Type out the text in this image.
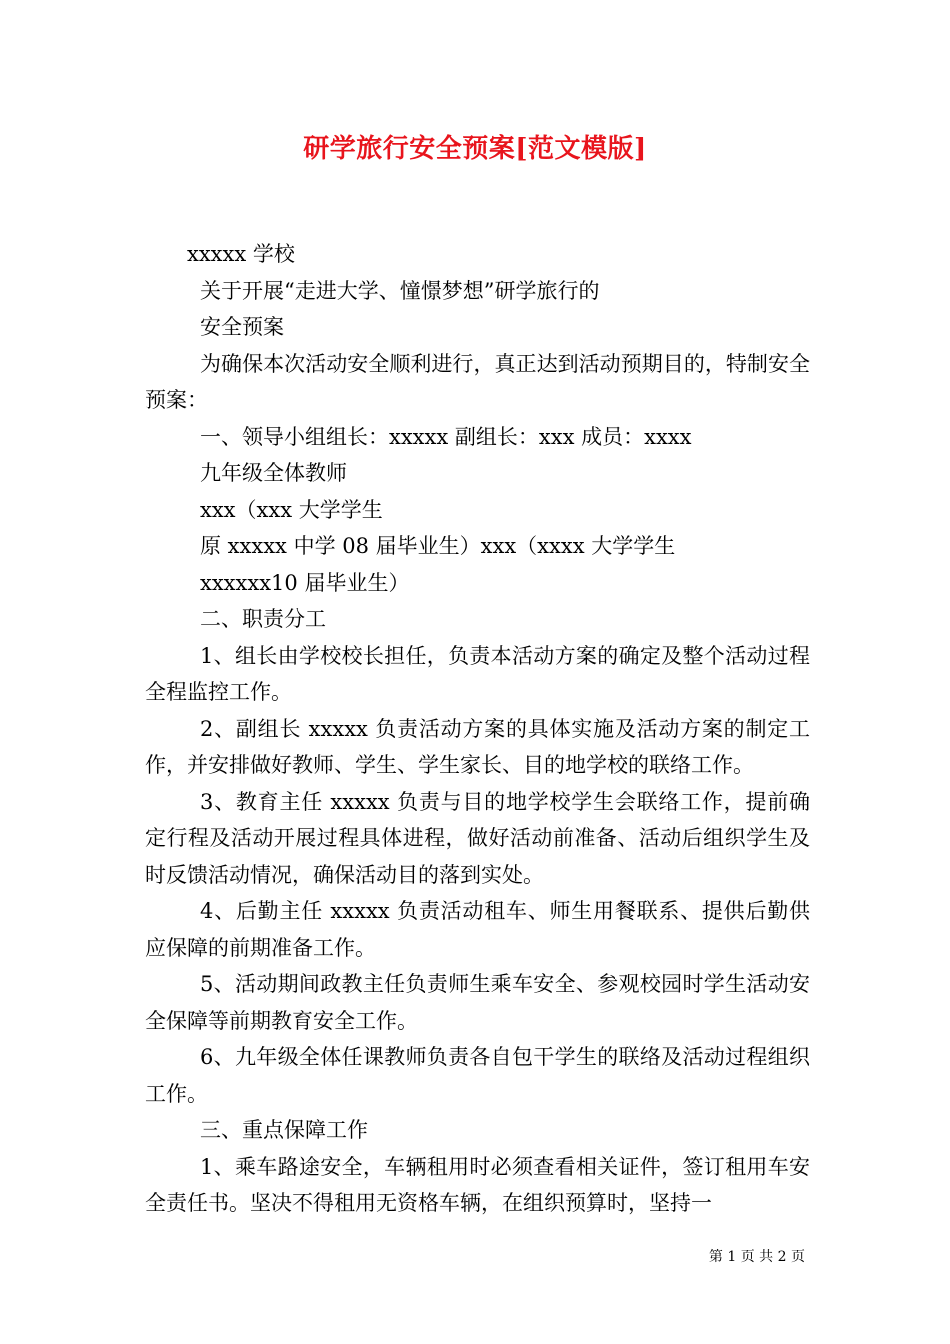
研学旅行安全预案[范文模版]

xxxxx 学校

关于开展“走进大学、憧憬梦想”研学旅行的

安全预案

为确保本次活动安全顺利进行，真正达到活动预期目的，特制安全预案：

一、领导小组组长：xxxxx 副组长：xxx 成员：xxxx

九年级全体教师

xxx（xxx 大学学生

原 xxxxx 中学 08 届毕业生）xxx（xxxx 大学学生

xxxxxx10 届毕业生）

二、职责分工

1、组长由学校校长担任，负责本活动方案的确定及整个活动过程全程监控工作。

2、副组长 xxxxx 负责活动方案的具体实施及活动方案的制定工作，并安排做好教师、学生、学生家长、目的地学校的联络工作。

3、教育主任 xxxxx 负责与目的地学校学生会联络工作，提前确定行程及活动开展过程具体进程，做好活动前准备、活动后组织学生及时反馈活动情况，确保活动目的落到实处。

4、后勤主任 xxxxx 负责活动租车、师生用餐联系、提供后勤供应保障的前期准备工作。

5、活动期间政教主任负责师生乘车安全、参观校园时学生活动安全保障等前期教育安全工作。

6、九年级全体任课教师负责各自包干学生的联络及活动过程组织工作。

三、重点保障工作

1、乘车路途安全，车辆租用时必须查看相关证件，签订租用车安全责任书。坚决不得租用无资格车辆，在组织预算时，坚持一

第 1 页 共 2 页
